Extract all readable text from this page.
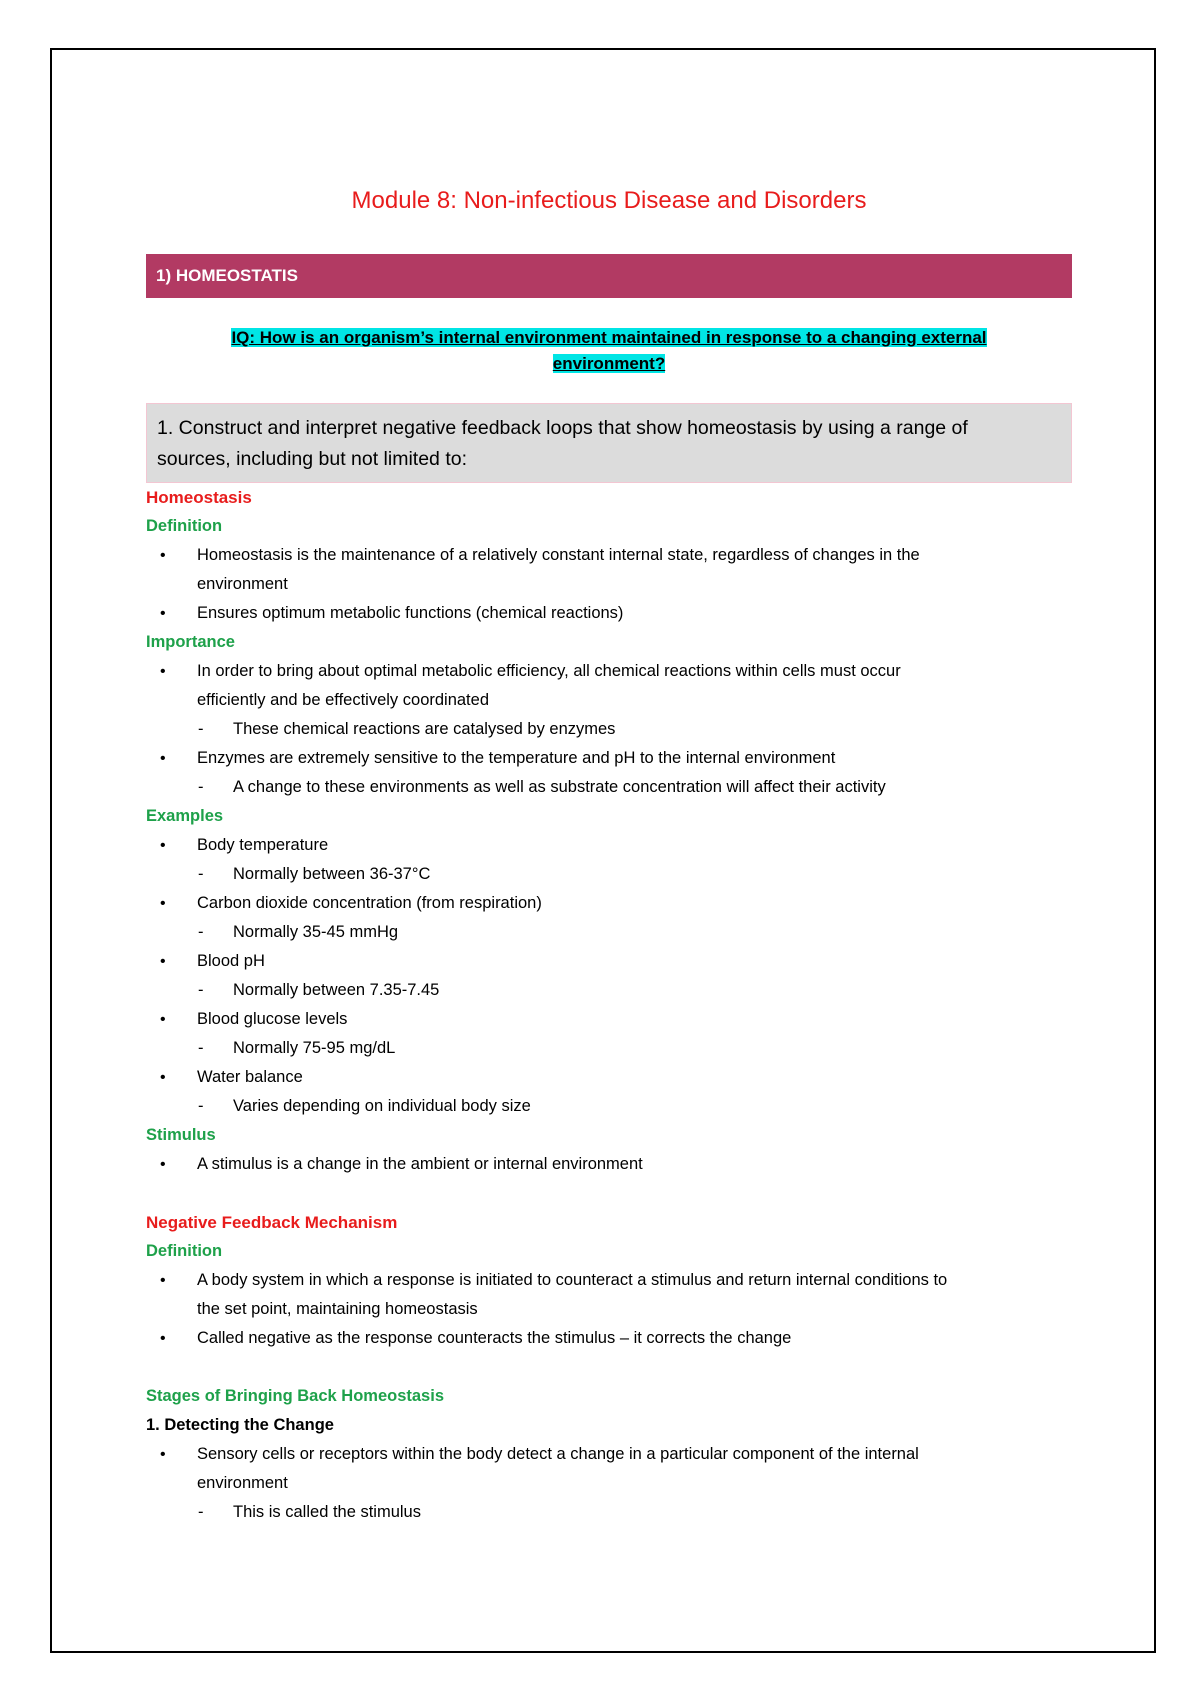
Module 8: Non-infectious Disease and Disorders
1) HOMEOSTATIS
IQ: How is an organism’s internal environment maintained in response to a changing external
environment?
1. Construct and interpret negative feedback loops that show homeostasis by using a range of
sources, including but not limited to:
Homeostasis
Definition
• Homeostasis is the maintenance of a relatively constant internal state, regardless of changes in the
environment
• Ensures optimum metabolic functions (chemical reactions)
Importance
• In order to bring about optimal metabolic efficiency, all chemical reactions within cells must occur
efficiently and be effectively coordinated
- These chemical reactions are catalysed by enzymes
• Enzymes are extremely sensitive to the temperature and pH to the internal environment
- A change to these environments as well as substrate concentration will affect their activity
Examples
• Body temperature
- Normally between 36-37°C
• Carbon dioxide concentration (from respiration)
- Normally 35-45 mmHg
• Blood pH
- Normally between 7.35-7.45
• Blood glucose levels
- Normally 75-95 mg/dL
• Water balance
- Varies depending on individual body size
Stimulus
• A stimulus is a change in the ambient or internal environment
Negative Feedback Mechanism
Definition
• A body system in which a response is initiated to counteract a stimulus and return internal conditions to
the set point, maintaining homeostasis
• Called negative as the response counteracts the stimulus – it corrects the change
Stages of Bringing Back Homeostasis
1. Detecting the Change
• Sensory cells or receptors within the body detect a change in a particular component of the internal
environment
- This is called the stimulus
